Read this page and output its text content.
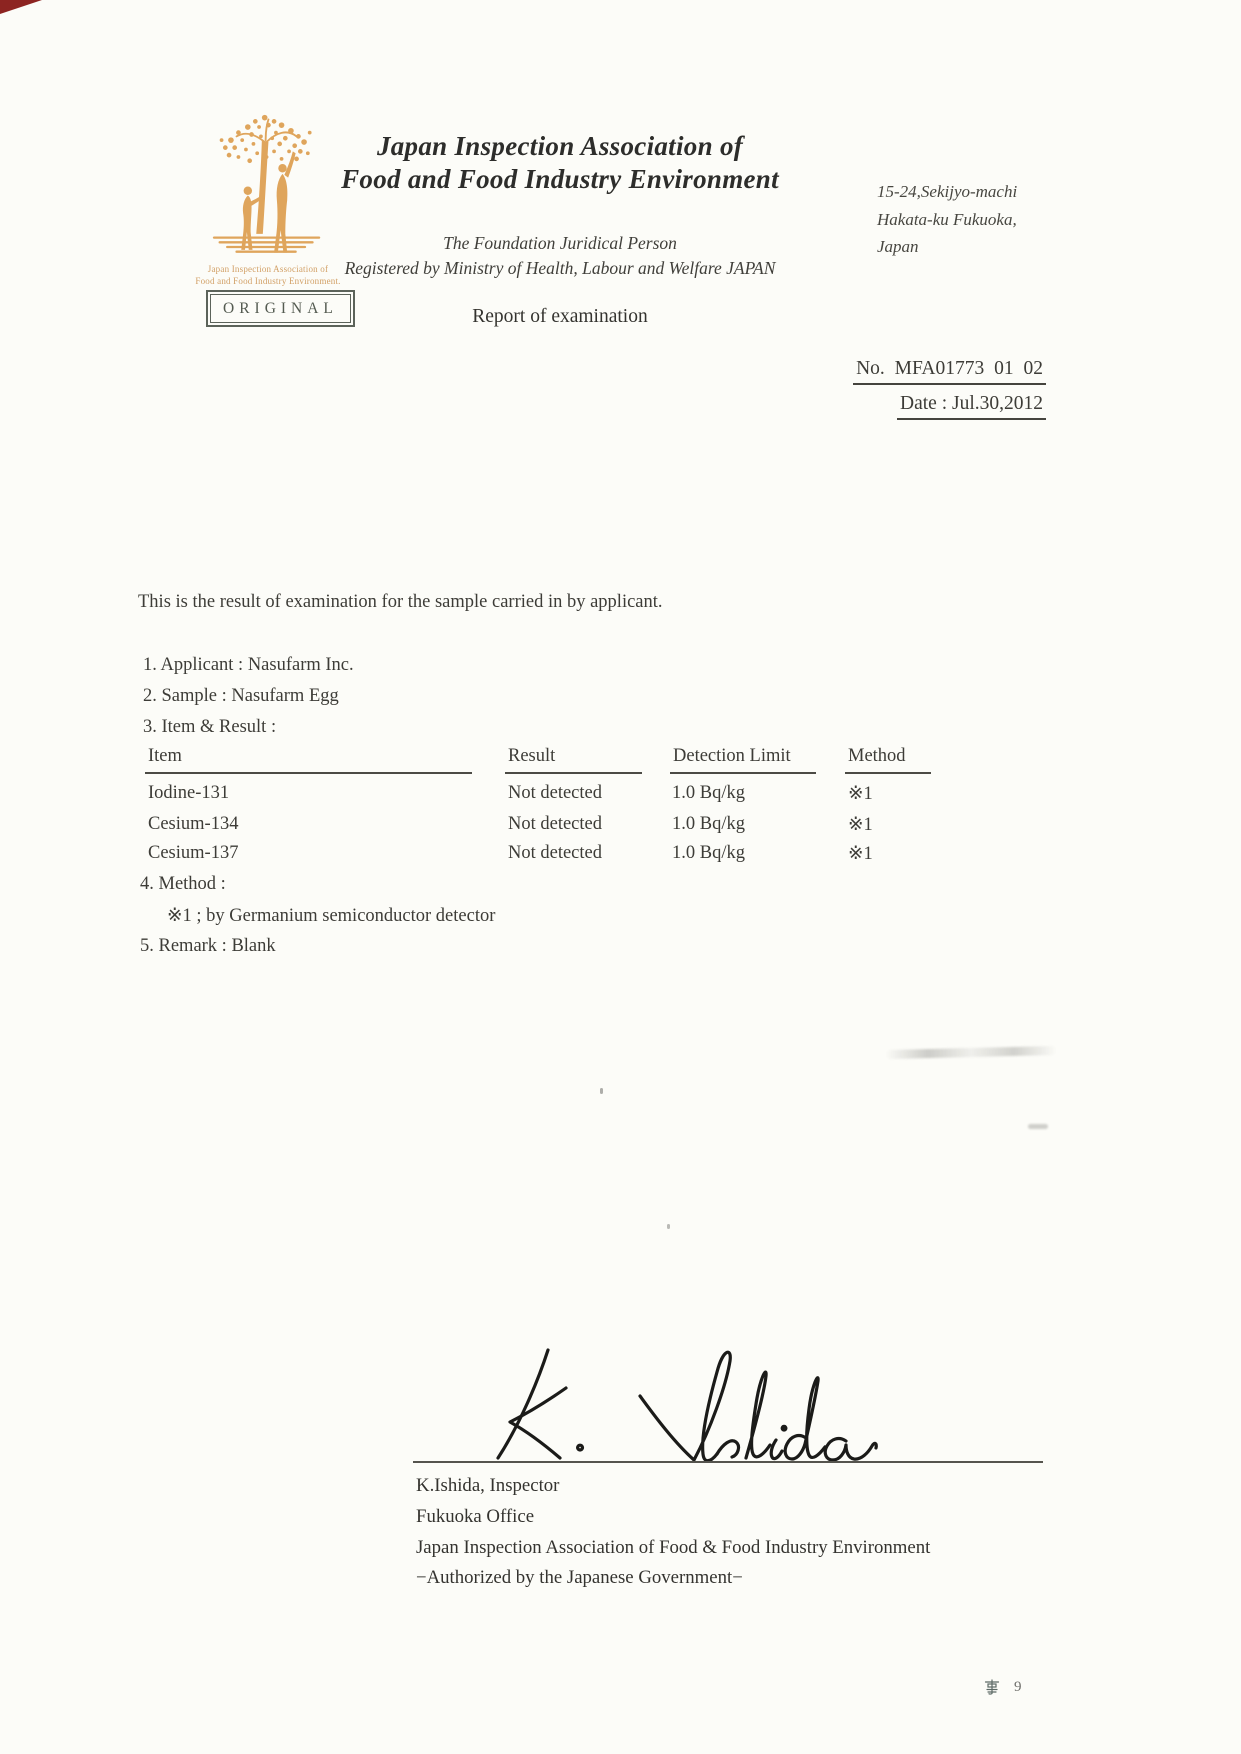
Japan Inspection Association of
Food and Food Industry Environment.
Japan Inspection Association of
Food and Food Industry Environment
The Foundation Juridical Person
Registered by Ministry of Health, Labour and Welfare JAPAN
15-24,Sekijyo-machi
Hakata-ku Fukuoka,
Japan
ORIGINAL	Report of examination
No. MFA01773 01 02
Date : Jul.30,2012
This is the result of examination for the sample carried in by applicant.
1. Applicant : Nasufarm Inc.
2. Sample : Nasufarm Egg
3. Item & Result :
Item	Result	Detection Limit	Method
Iodine-131	Not detected	1.0 Bq/kg	※1
Cesium-134	Not detected	1.0 Bq/kg	※1
Cesium-137	Not detected	1.0 Bq/kg	※1
4. Method :
※1 ; by Germanium semiconductor detector
5. Remark : Blank
K.Ishida, Inspector
Fukuoka Office
Japan Inspection Association of Food & Food Industry Environment
−Authorized by the Japanese Government−

9
